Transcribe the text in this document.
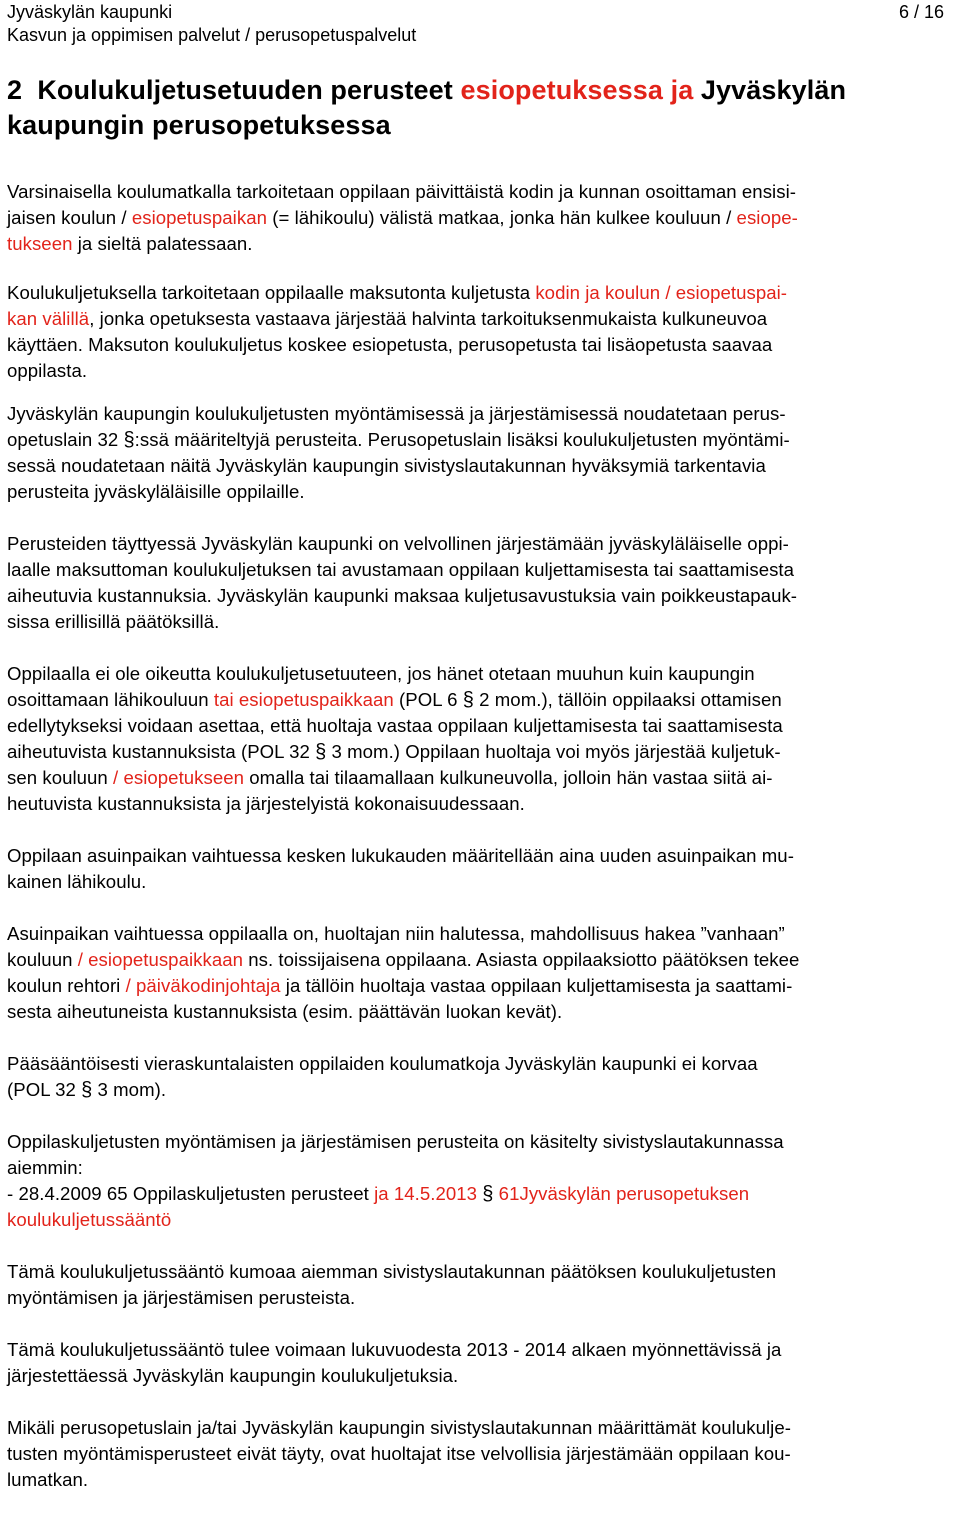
Jyväskylän kaupunki
Kasvun ja oppimisen palvelut / perusopetuspalvelut
6 / 16
2 Koulukuljetusetuuden perusteet esiopetuksessa ja Jyväskylän
kaupungin perusopetuksessa

Varsinaisella koulumatkalla tarkoitetaan oppilaan päivittäistä kodin ja kunnan osoittaman ensisi-
jaisen koulun / esiopetuspaikan (= lähikoulu) välistä matkaa, jonka hän kulkee kouluun / esiope-
tukseen ja sieltä palatessaan.

Koulukuljetuksella tarkoitetaan oppilaalle maksutonta kuljetusta kodin ja koulun / esiopetuspai-
kan välillä, jonka opetuksesta vastaava järjestää halvinta tarkoituksenmukaista kulkuneuvoa
käyttäen. Maksuton koulukuljetus koskee esiopetusta, perusopetusta tai lisäopetusta saavaa
oppilasta.

Jyväskylän kaupungin koulukuljetusten myöntämisessä ja järjestämisessä noudatetaan perus-
opetuslain 32 §:ssä määriteltyjä perusteita. Perusopetuslain lisäksi koulukuljetusten myöntämi-
sessä noudatetaan näitä Jyväskylän kaupungin sivistyslautakunnan hyväksymiä tarkentavia
perusteita jyväskyläläisille oppilaille.

Perusteiden täyttyessä Jyväskylän kaupunki on velvollinen järjestämään jyväskyläläiselle oppi-
laalle maksuttoman koulukuljetuksen tai avustamaan oppilaan kuljettamisesta tai saattamisesta
aiheutuvia kustannuksia. Jyväskylän kaupunki maksaa kuljetusavustuksia vain poikkeustapauk-
sissa erillisillä päätöksillä.

Oppilaalla ei ole oikeutta koulukuljetusetuuteen, jos hänet otetaan muuhun kuin kaupungin
osoittamaan lähikouluun tai esiopetuspaikkaan (POL 6 § 2 mom.), tällöin oppilaaksi ottamisen
edellytykseksi voidaan asettaa, että huoltaja vastaa oppilaan kuljettamisesta tai saattamisesta
aiheutuvista kustannuksista (POL 32 § 3 mom.) Oppilaan huoltaja voi myös järjestää kuljetuk-
sen kouluun / esiopetukseen omalla tai tilaamallaan kulkuneuvolla, jolloin hän vastaa siitä ai-
heutuvista kustannuksista ja järjestelyistä kokonaisuudessaan.

Oppilaan asuinpaikan vaihtuessa kesken lukukauden määritellään aina uuden asuinpaikan mu-
kainen lähikoulu.

Asuinpaikan vaihtuessa oppilaalla on, huoltajan niin halutessa, mahdollisuus hakea ”vanhaan”
kouluun / esiopetuspaikkaan ns. toissijaisena oppilaana. Asiasta oppilaaksiotto päätöksen tekee
koulun rehtori / päiväkodinjohtaja ja tällöin huoltaja vastaa oppilaan kuljettamisesta ja saattami-
sesta aiheutuneista kustannuksista (esim. päättävän luokan kevät).

Pääsääntöisesti vieraskuntalaisten oppilaiden koulumatkoja Jyväskylän kaupunki ei korvaa
(POL 32 § 3 mom).

Oppilaskuljetusten myöntämisen ja järjestämisen perusteita on käsitelty sivistyslautakunnassa
aiemmin:
- 28.4.2009 65 Oppilaskuljetusten perusteet ja 14.5.2013 § 61Jyväskylän perusopetuksen
koulukuljetussääntö

Tämä koulukuljetussääntö kumoaa aiemman sivistyslautakunnan päätöksen koulukuljetusten
myöntämisen ja järjestämisen perusteista.

Tämä koulukuljetussääntö tulee voimaan lukuvuodesta 2013 - 2014 alkaen myönnettävissä ja
järjestettäessä Jyväskylän kaupungin koulukuljetuksia.

Mikäli perusopetuslain ja/tai Jyväskylän kaupungin sivistyslautakunnan määrittämät koulukulje-
tusten myöntämisperusteet eivät täyty, ovat huoltajat itse velvollisia järjestämään oppilaan kou-
lumatkan.
